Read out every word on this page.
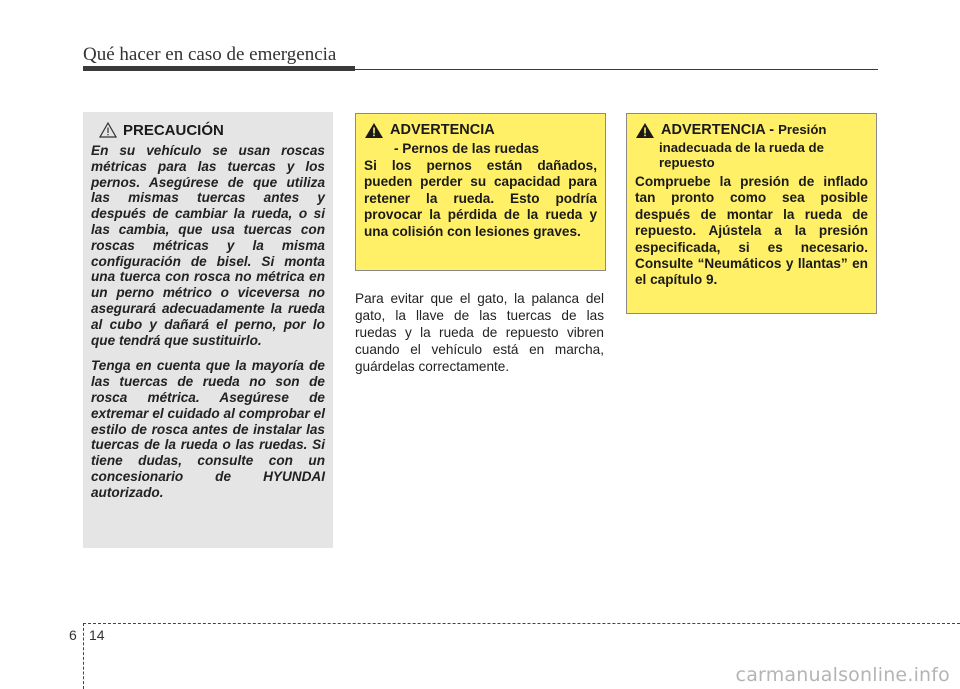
Qué hacer en caso de emergencia
PRECAUCIÓN

En su vehículo se usan roscas métricas para las tuercas y los pernos. Asegúrese de que utiliza las mismas tuercas antes y después de cambiar la rueda, o si las cambia, que usa tuercas con roscas métricas y la misma configuración de bisel. Si monta una tuerca con rosca no métrica en un perno métrico o viceversa no asegurará adecuadamente la rueda al cubo y dañará el perno, por lo que tendrá que sustituirlo.

Tenga en cuenta que la mayoría de las tuercas de rueda no son de rosca métrica. Asegúrese de extremar el cuidado al comprobar el estilo de rosca antes de instalar las tuercas de la rueda o las ruedas. Si tiene dudas, consulte con un concesionario de HYUNDAI autorizado.

ADVERTENCIA
- Pernos de las ruedas

Si los pernos están dañados, pueden perder su capacidad para retener la rueda. Esto podría provocar la pérdida de la rueda y una colisión con lesiones graves.

Para evitar que el gato, la palanca del gato, la llave de las tuercas de las ruedas y la rueda de repuesto vibren cuando el vehículo está en marcha, guárdelas correctamente.

ADVERTENCIA - Presión
inadecuada de la rueda de repuesto

Compruebe la presión de inflado tan pronto como sea posible después de montar la rueda de repuesto. Ajústela a la presión especificada, si es necesario. Consulte “Neumáticos y llantas” en el capítulo 9.

6 14
carmanualsonline.info
